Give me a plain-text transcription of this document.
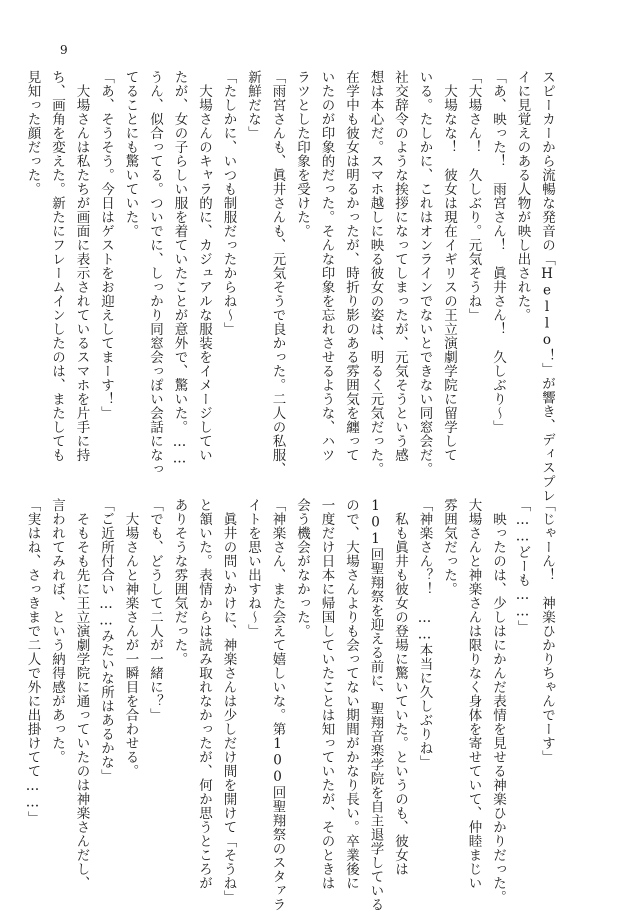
9
スピーカーから流暢な発音の「Hello！」が響き、ディスプレ
イに見覚えのある人物が映し出された。
「あ、映った！　雨宮さん！　眞井さん！　久しぶり～」
「大場さん！　久しぶり。元気そうね」
大場なな！　彼女は現在イギリスの王立演劇学院に留学して
いる。たしかに、これはオンラインでないとできない同窓会だ。
社交辞令のような挨拶になってしまったが、元気そうという感
想は本心だ。スマホ越しに映る彼女の姿は、明るく元気だった。
在学中も彼女は明るかったが、時折り影のある雰囲気を纏って
いたのが印象的だった。そんな印象を忘れさせるような、ハツ
ラツとした印象を受けた。
「雨宮さんも、眞井さんも、元気そうで良かった。二人の私服、
新鮮だな」
「たしかに、いつも制服だったからね～」
大場さんのキャラ的に、カジュアルな服装をイメージしてい
たが、女の子らしい服を着ていたことが意外で、驚いた。……
うん、似合ってる。ついでに、しっかり同窓会っぽい会話になっ
てることにも驚いていた。
「あ、そうそう。今日はゲストをお迎えしてまーす！」
大場さんは私たちが画面に表示されているスマホを片手に持
ち、画角を変えた。新たにフレームインしたのは、またしても
見知った顔だった。
「じゃーん！　神楽ひかりちゃんでーす」
「……どーも……」
映ったのは、少しはにかんだ表情を見せる神楽ひかりだった。
大場さんと神楽さんは限りなく身体を寄せていて、仲睦まじい
雰囲気だった。
「神楽さん？！　……本当に久しぶりね」
私も眞井も彼女の登場に驚いていた。というのも、彼女は
101回聖翔祭を迎える前に、聖翔音楽学院を自主退学している
ので、大場さんよりも会ってない期間がかなり長い。卒業後に
一度だけ日本に帰国していたことは知っていたが、そのときは
会う機会がなかった。
「神楽さん、また会えて嬉しいな。第100回聖翔祭のスタァラ
イトを思い出すね～」
眞井の問いかけに、神楽さんは少しだけ間を開けて「そうね」
と頷いた。表情からは読み取れなかったが、何か思うところが
ありそうな雰囲気だった。
「でも、どうして二人が一緒に？」
大場さんと神楽さんが一瞬目を合わせる。
「ご近所付合い……みたいな所はあるかな」
そもそも先に王立演劇学院に通っていたのは神楽さんだし、
言われてみれば、という納得感があった。
「実はね、さっきまで二人で外に出掛けてて……」
